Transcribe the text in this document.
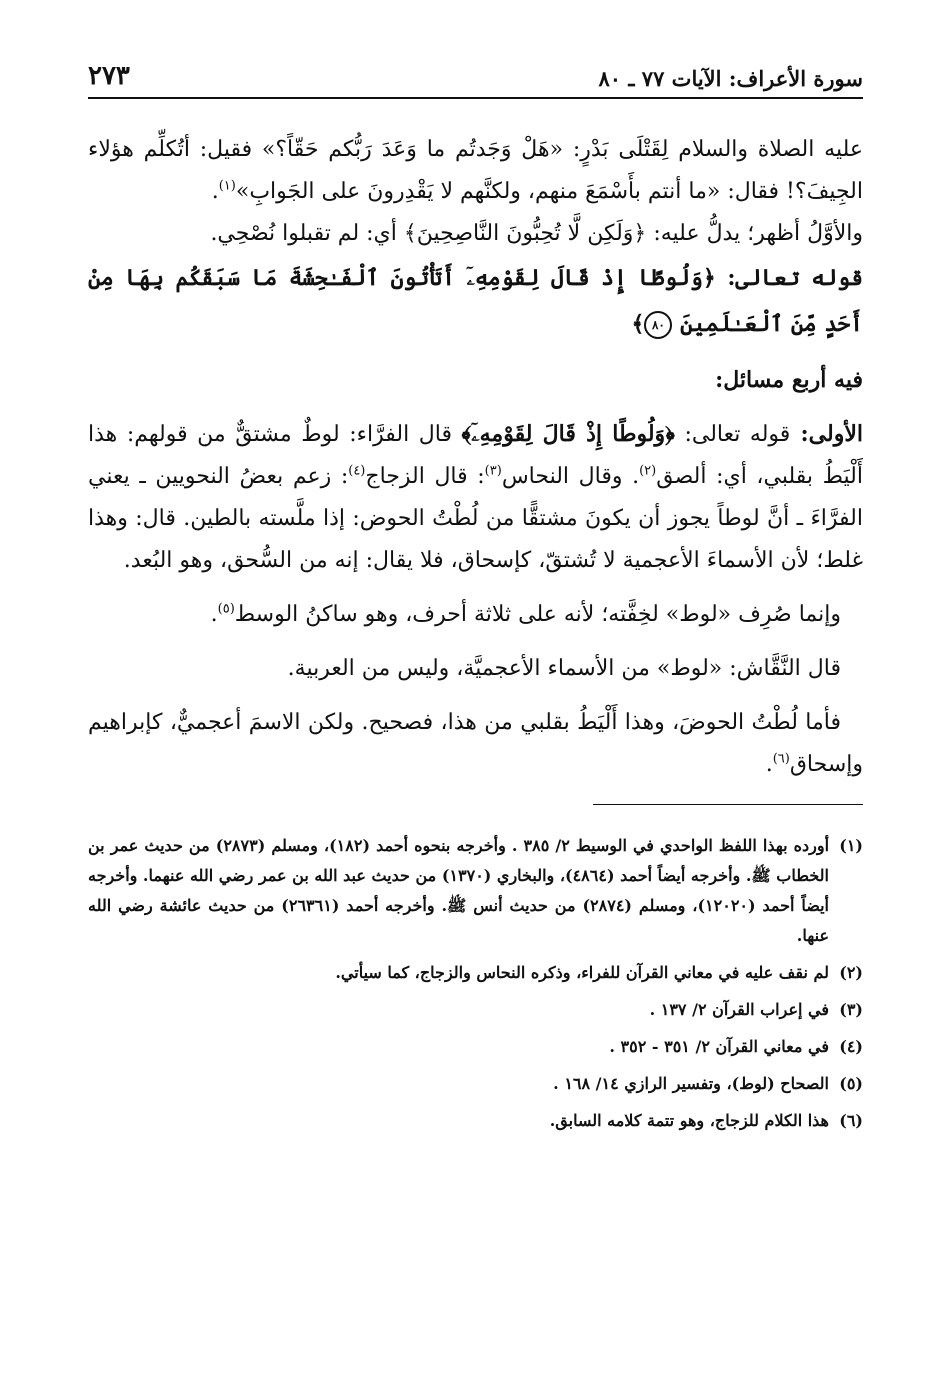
سورة الأعراف: الآيات ٧٧ ـ ٨٠
٢٧٣

عليه الصلاة والسلام لِقَتْلَى بَدْرٍ: «هَلْ وَجَدتُم ما وَعَدَ رَبُّكم حَقّاً؟» فقيل: أتُكلِّم هؤلاء الجِيفَ؟! فقال: «ما أنتم بأَسْمَعَ منهم، ولكنَّهم لا يَقْدِرونَ على الجَوابِ»$^{(١)}$.

والأوَّلُ أظهر؛ يدلُّ عليه: ﴿وَلَكِن لَّا تُحِبُّونَ النَّاصِحِينَ﴾ أي: لم تقبلوا نُصْحِي.

قوله تعالى: ﴿وَلُوطًا إِذْ قَالَ لِقَوْمِهِۦٓ أَتَأْتُونَ ٱلْفَـٰحِشَةَ مَا سَبَقَكُم بِهَا مِنْ أَحَدٍ مِّنَ ٱلْعَـٰلَمِينَ ٨٠﴾

فيه أربع مسائل:

الأولى: قوله تعالى: ﴿وَلُوطًا إِذْ قَالَ لِقَوْمِهِۦٓ﴾ قال الفرَّاء: لوطٌ مشتقٌّ من قولهم: هذا أَلْيَطُ بقلبي، أي: ألصق$^{(٢)}$. وقال النحاس$^{(٣)}$: قال الزجاج$^{(٤)}$: زعم بعضُ النحويين ـ يعني الفرَّاءَ ـ أنَّ لوطاً يجوز أن يكونَ مشتقًّا من لُطْتُ الحوض: إذا ملَّسته بالطين. قال: وهذا غلط؛ لأن الأسماءَ الأعجمية لا تُشتقّ، كإسحاق، فلا يقال: إنه من السُّحق، وهو البُعد.

وإنما صُرِف «لوط» لخِفَّته؛ لأنه على ثلاثة أحرف، وهو ساكنُ الوسط$^{(٥)}$.

قال النَّقَّاش: «لوط» من الأسماء الأعجميَّة، وليس من العربية.

فأما لُطْتُ الحوضَ، وهذا أَلْيَطُ بقلبي من هذا، فصحيح. ولكن الاسمَ أعجميٌّ، كإبراهيم وإسحاق$^{(٦)}$.

(١)
أورده بهذا اللفظ الواحدي في الوسيط ٢/ ٣٨٥ . وأخرجه بنحوه أحمد (١٨٢)، ومسلم (٢٨٧٣) من حديث عمر بن الخطاب ﷺ. وأخرجه أيضاً أحمد (٤٨٦٤)، والبخاري (١٣٧٠) من حديث عبد الله بن عمر رضي الله عنهما. وأخرجه أيضاً أحمد (١٢٠٢٠)، ومسلم (٢٨٧٤) من حديث أنس ﷺ. وأخرجه أحمد (٢٦٣٦١) من حديث عائشة رضي الله عنها.
(٢)
لم نقف عليه في معاني القرآن للفراء، وذكره النحاس والزجاج، كما سيأتي.
(٣)
في إعراب القرآن ٢/ ١٣٧ .
(٤)
في معاني القرآن ٢/ ٣٥١ - ٣٥٢ .
(٥)
الصحاح (لوط)، وتفسير الرازي ١٤/ ١٦٨ .
(٦)
هذا الكلام للزجاج، وهو تتمة كلامه السابق.
